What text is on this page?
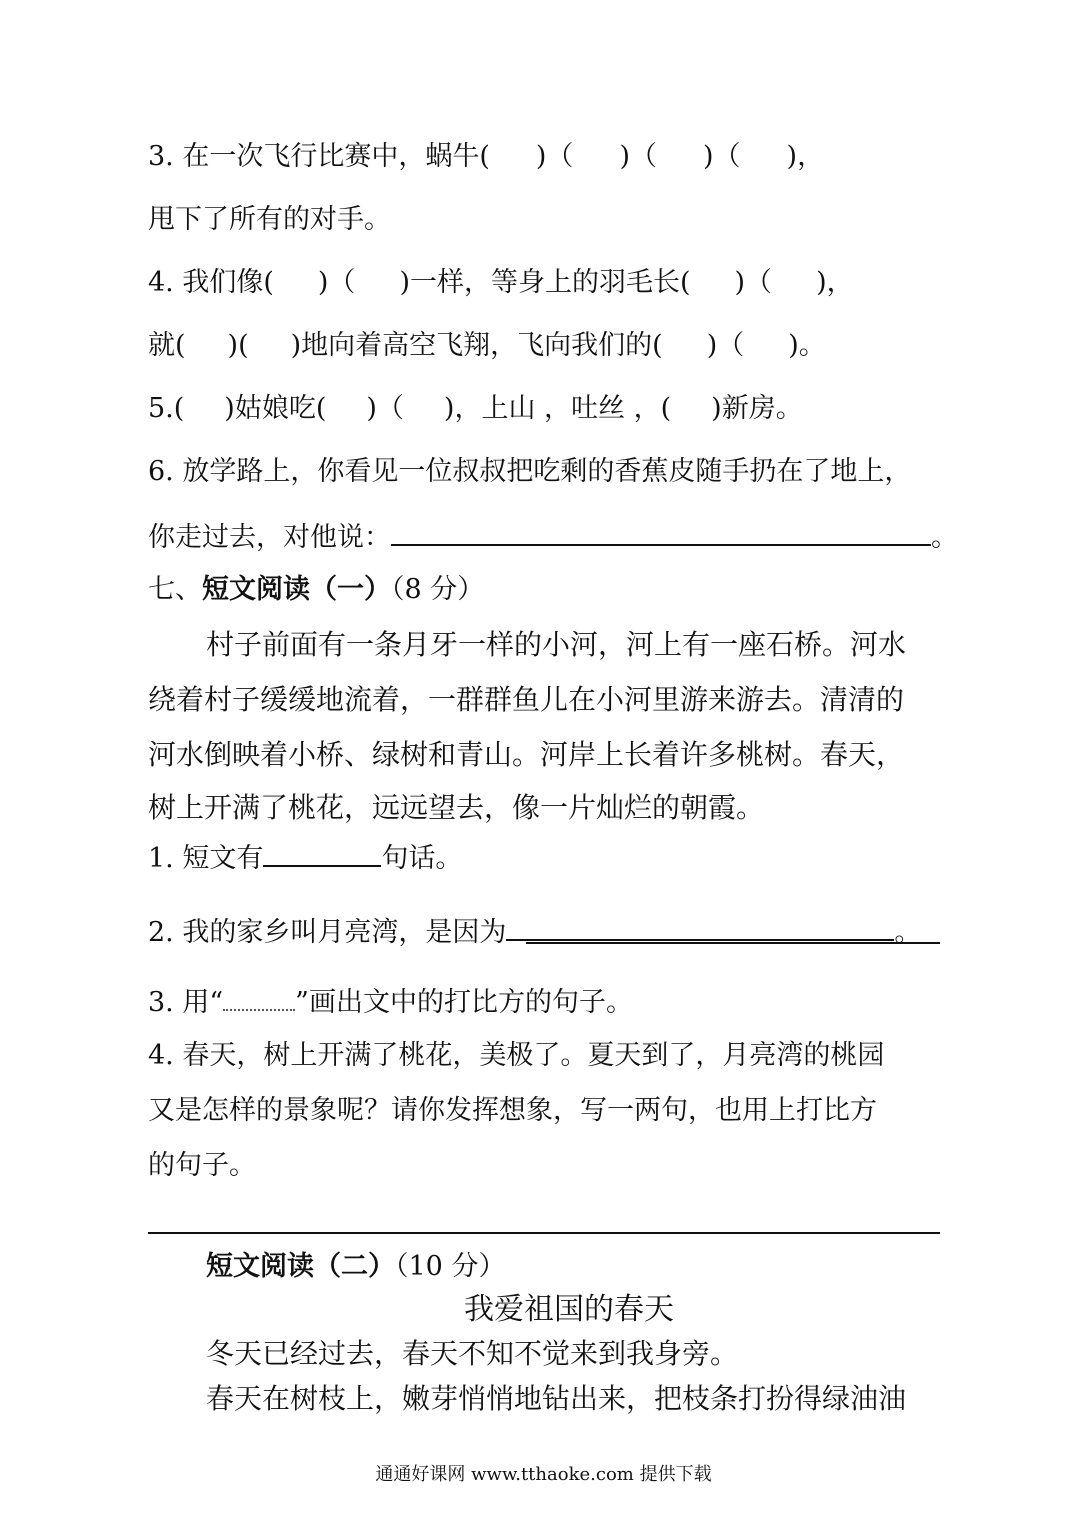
3. 在一次飞行比赛中，蜗牛( )（ )（ )（ )，
甩下了所有的对手。
4. 我们像( )（ )一样，等身上的羽毛长( )（ )，
就( )( )地向着高空飞翔，飞向我们的( )（ )。
5.( )姑娘吃( )（ )，上山 ，吐丝 ，( )新房。
6. 放学路上，你看见一位叔叔把吃剩的香蕉皮随手扔在了地上，
你走过去，对他说：	。
七、短文阅读（一）（8 分）
村子前面有一条月牙一样的小河，河上有一座石桥。河水
绕着村子缓缓地流着，一群群鱼儿在小河里游来游去。清清的
河水倒映着小桥、绿树和青山。河岸上长着许多桃树。春天，
树上开满了桃花，远远望去，像一片灿烂的朝霞。
1. 短文有	句话。
2. 我的家乡叫月亮湾，是因为	。
3. 用“	”画出文中的打比方的句子。
4. 春天，树上开满了桃花，美极了。夏天到了，月亮湾的桃园
又是怎样的景象呢？请你发挥想象，写一两句，也用上打比方
的句子。
短文阅读（二）（10 分）
我爱祖国的春天
冬天已经过去，春天不知不觉来到我身旁。
春天在树枝上，嫩芽悄悄地钻出来，把枝条打扮得绿油油
通通好课网 www.tthaoke.com 提供下载
